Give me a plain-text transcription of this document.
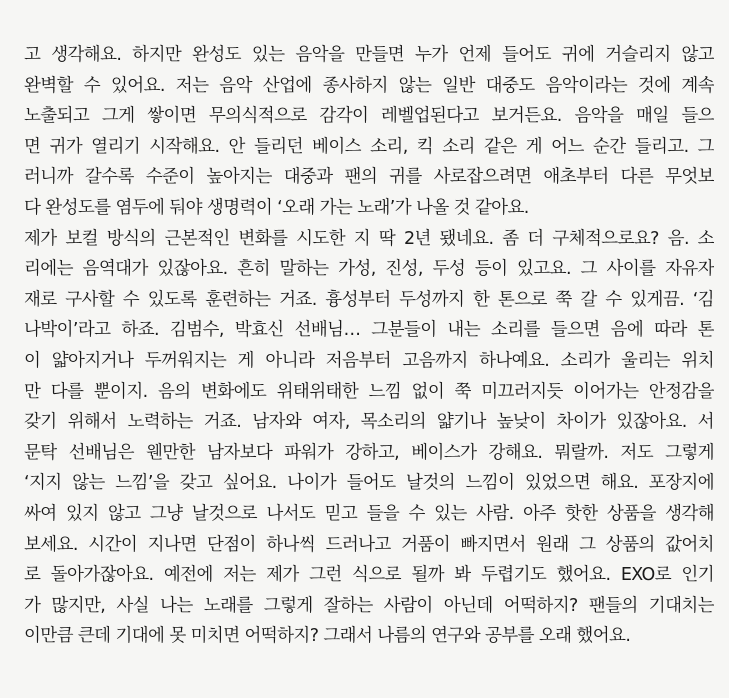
고 생각해요. 하지만 완성도 있는 음악을 만들면 누가 언제 들어도 귀에 거슬리지 않고
완벽할 수 있어요. 저는 음악 산업에 종사하지 않는 일반 대중도 음악이라는 것에 계속
노출되고 그게 쌓이면 무의식적으로 감각이 레벨업된다고 보거든요. 음악을 매일 들으
면 귀가 열리기 시작해요. 안 들리던 베이스 소리, 킥 소리 같은 게 어느 순간 들리고. 그
러니까 갈수록 수준이 높아지는 대중과 팬의 귀를 사로잡으려면 애초부터 다른 무엇보
다 완성도를 염두에 둬야 생명력이 ‘오래 가는 노래’가 나올 것 같아요.
제가 보컬 방식의 근본적인 변화를 시도한 지 딱 2년 됐네요. 좀 더 구체적으로요? 음. 소
리에는 음역대가 있잖아요. 흔히 말하는 가성, 진성, 두성 등이 있고요. 그 사이를 자유자
재로 구사할 수 있도록 훈련하는 거죠. 흉성부터 두성까지 한 톤으로 쭉 갈 수 있게끔. ‘김
나박이’라고 하죠. 김범수, 박효신 선배님… 그분들이 내는 소리를 들으면 음에 따라 톤
이 얇아지거나 두꺼워지는 게 아니라 저음부터 고음까지 하나예요. 소리가 울리는 위치
만 다를 뿐이지. 음의 변화에도 위태위태한 느낌 없이 쭉 미끄러지듯 이어가는 안정감을
갖기 위해서 노력하는 거죠. 남자와 여자, 목소리의 얇기나 높낮이 차이가 있잖아요. 서
문탁 선배님은 웬만한 남자보다 파워가 강하고, 베이스가 강해요. 뭐랄까. 저도 그렇게
‘지지 않는 느낌’을 갖고 싶어요. 나이가 들어도 날것의 느낌이 있었으면 해요. 포장지에
싸여 있지 않고 그냥 날것으로 나서도 믿고 들을 수 있는 사람. 아주 핫한 상품을 생각해
보세요. 시간이 지나면 단점이 하나씩 드러나고 거품이 빠지면서 원래 그 상품의 값어치
로 돌아가잖아요. 예전에 저는 제가 그런 식으로 될까 봐 두렵기도 했어요. EXO로 인기
가 많지만, 사실 나는 노래를 그렇게 잘하는 사람이 아닌데 어떡하지? 팬들의 기대치는
이만큼 큰데 기대에 못 미치면 어떡하지? 그래서 나름의 연구와 공부를 오래 했어요.
